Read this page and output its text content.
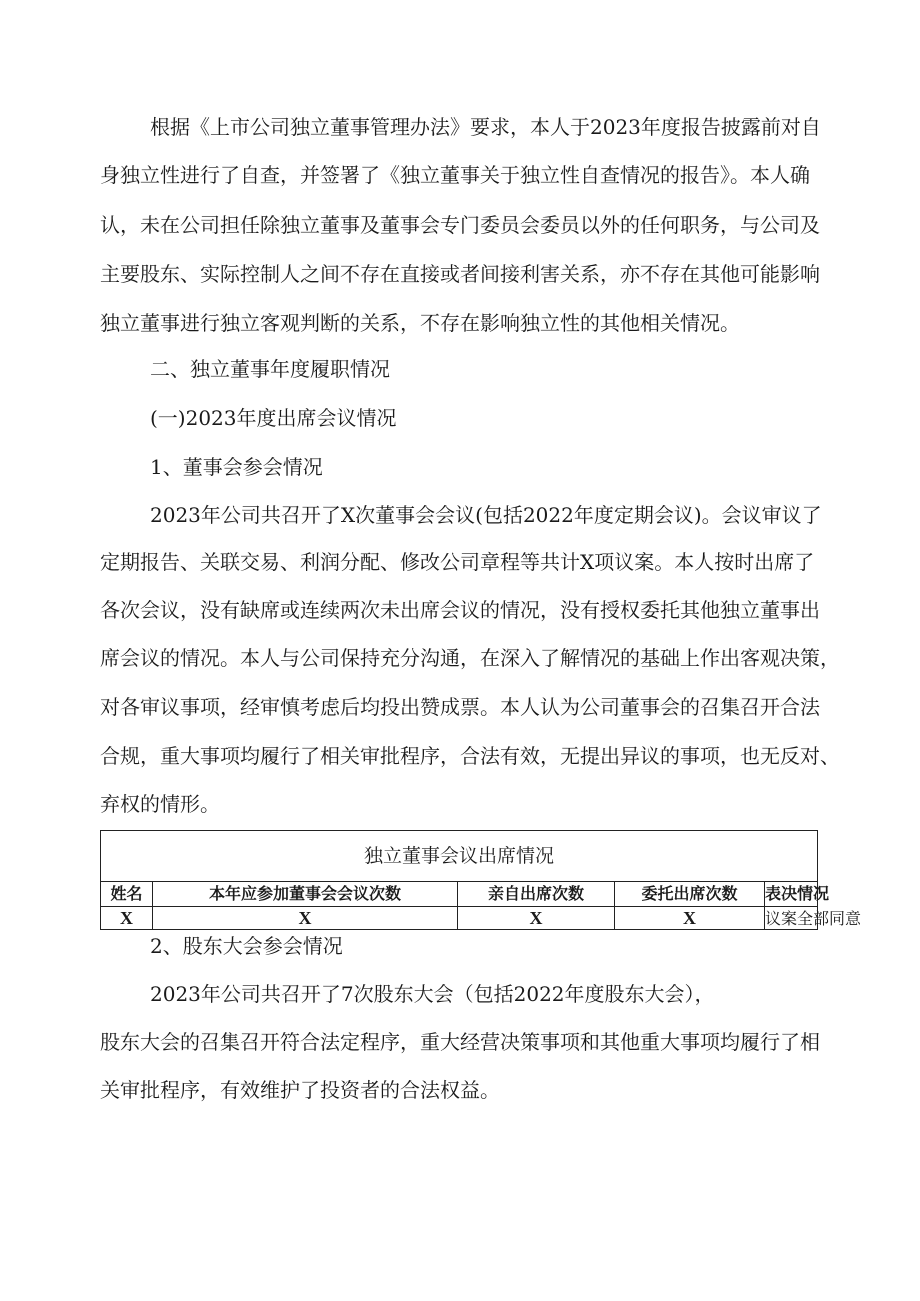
根据《上市公司独立董事管理办法》要求，本人于2023年度报告披露前对自
身独立性进行了自查，并签署了《独立董事关于独立性自查情况的报告》。本人确
认，未在公司担任除独立董事及董事会专门委员会委员以外的任何职务，与公司及
主要股东、实际控制人之间不存在直接或者间接利害关系，亦不存在其他可能影响
独立董事进行独立客观判断的关系，不存在影响独立性的其他相关情况。
二、独立董事年度履职情况
(一)2023年度出席会议情况
1、董事会参会情况
2023年公司共召开了X次董事会会议(包括2022年度定期会议)。会议审议了
定期报告、关联交易、利润分配、修改公司章程等共计X项议案。本人按时出席了
各次会议，没有缺席或连续两次未出席会议的情况，没有授权委托其他独立董事出
席会议的情况。本人与公司保持充分沟通，在深入了解情况的基础上作出客观决策，
对各审议事项，经审慎考虑后均投出赞成票。本人认为公司董事会的召集召开合法
合规，重大事项均履行了相关审批程序，合法有效，无提出异议的事项，也无反对、
弃权的情形。
独立董事会议出席情况
姓名	本年应参加董事会会议次数	亲自出席次数	委托出席次数	表决情况
X	X	X	X	议案全部同意
2、股东大会参会情况
2023年公司共召开了7次股东大会（包括2022年度股东大会），
股东大会的召集召开符合法定程序，重大经营决策事项和其他重大事项均履行了相
关审批程序，有效维护了投资者的合法权益。
